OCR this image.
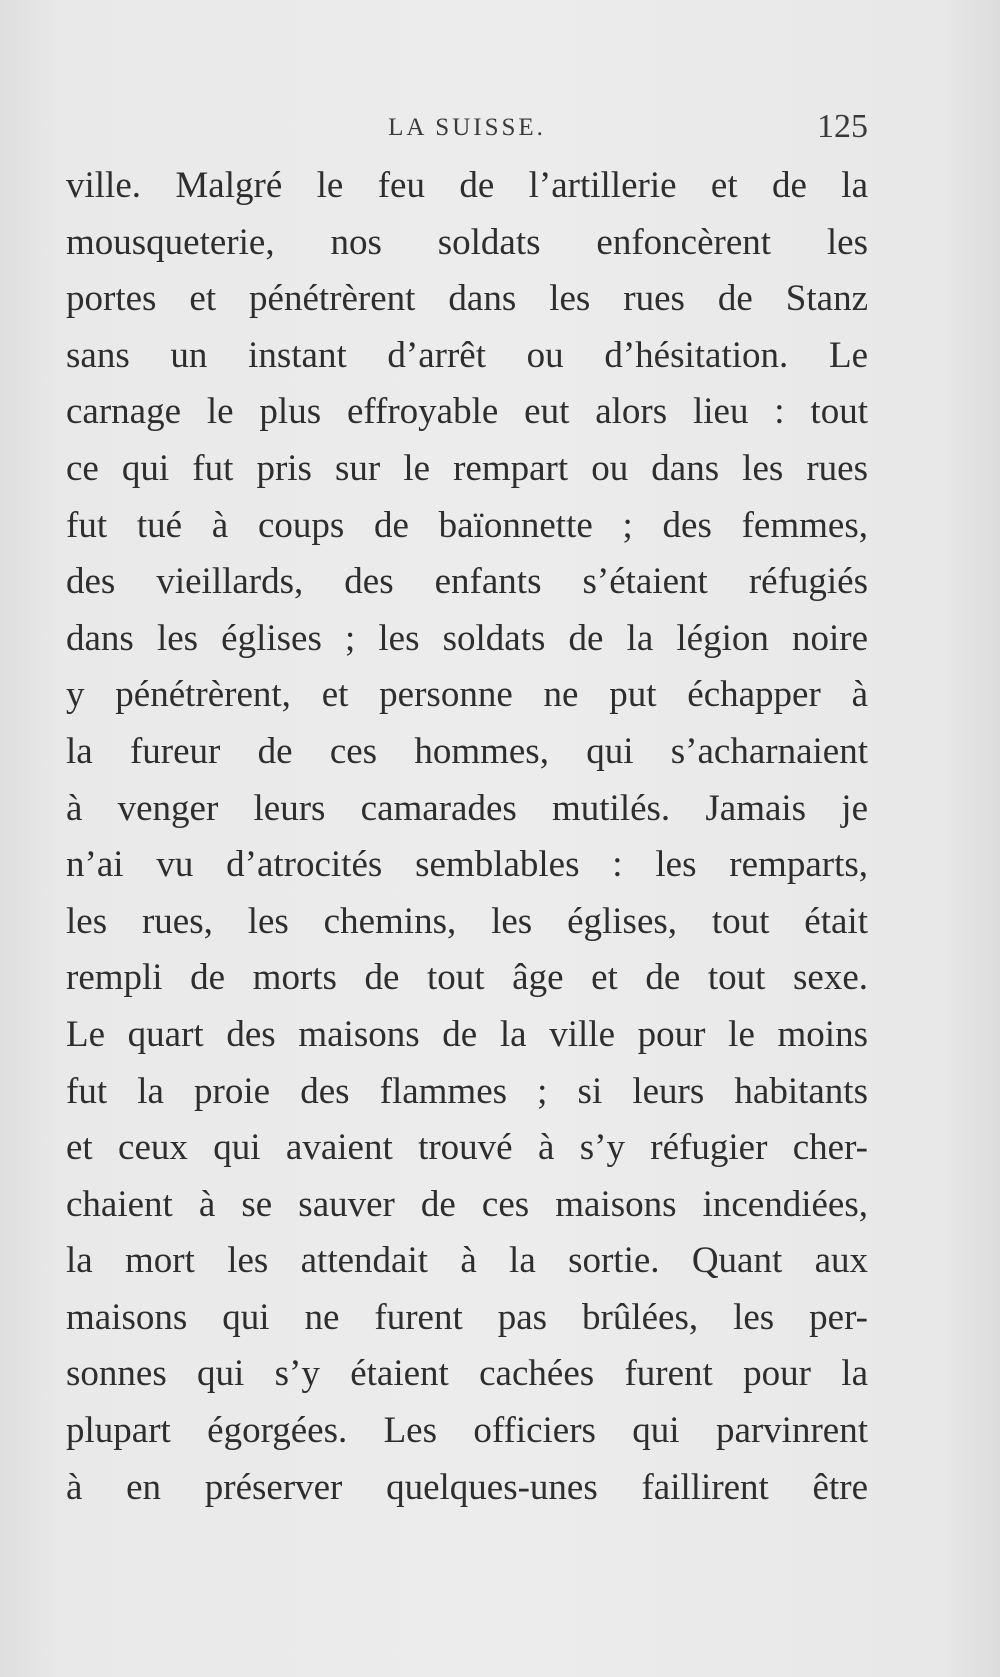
LA SUISSE.	125
ville. Malgré le feu de l’artillerie et de la
mousqueterie, nos soldats enfoncèrent les
portes et pénétrèrent dans les rues de Stanz
sans un instant d’arrêt ou d’hésitation. Le
carnage le plus effroyable eut alors lieu : tout
ce qui fut pris sur le rempart ou dans les rues
fut tué à coups de baïonnette ; des femmes,
des vieillards, des enfants s’étaient réfugiés
dans les églises ; les soldats de la légion noire
y pénétrèrent, et personne ne put échapper à
la fureur de ces hommes, qui s’acharnaient
à venger leurs camarades mutilés. Jamais je
n’ai vu d’atrocités semblables : les remparts,
les rues, les chemins, les églises, tout était
rempli de morts de tout âge et de tout sexe.
Le quart des maisons de la ville pour le moins
fut la proie des flammes ; si leurs habitants
et ceux qui avaient trouvé à s’y réfugier cher-
chaient à se sauver de ces maisons incendiées,
la mort les attendait à la sortie. Quant aux
maisons qui ne furent pas brûlées, les per-
sonnes qui s’y étaient cachées furent pour la
plupart égorgées. Les officiers qui parvinrent
à en préserver quelques-unes faillirent être
